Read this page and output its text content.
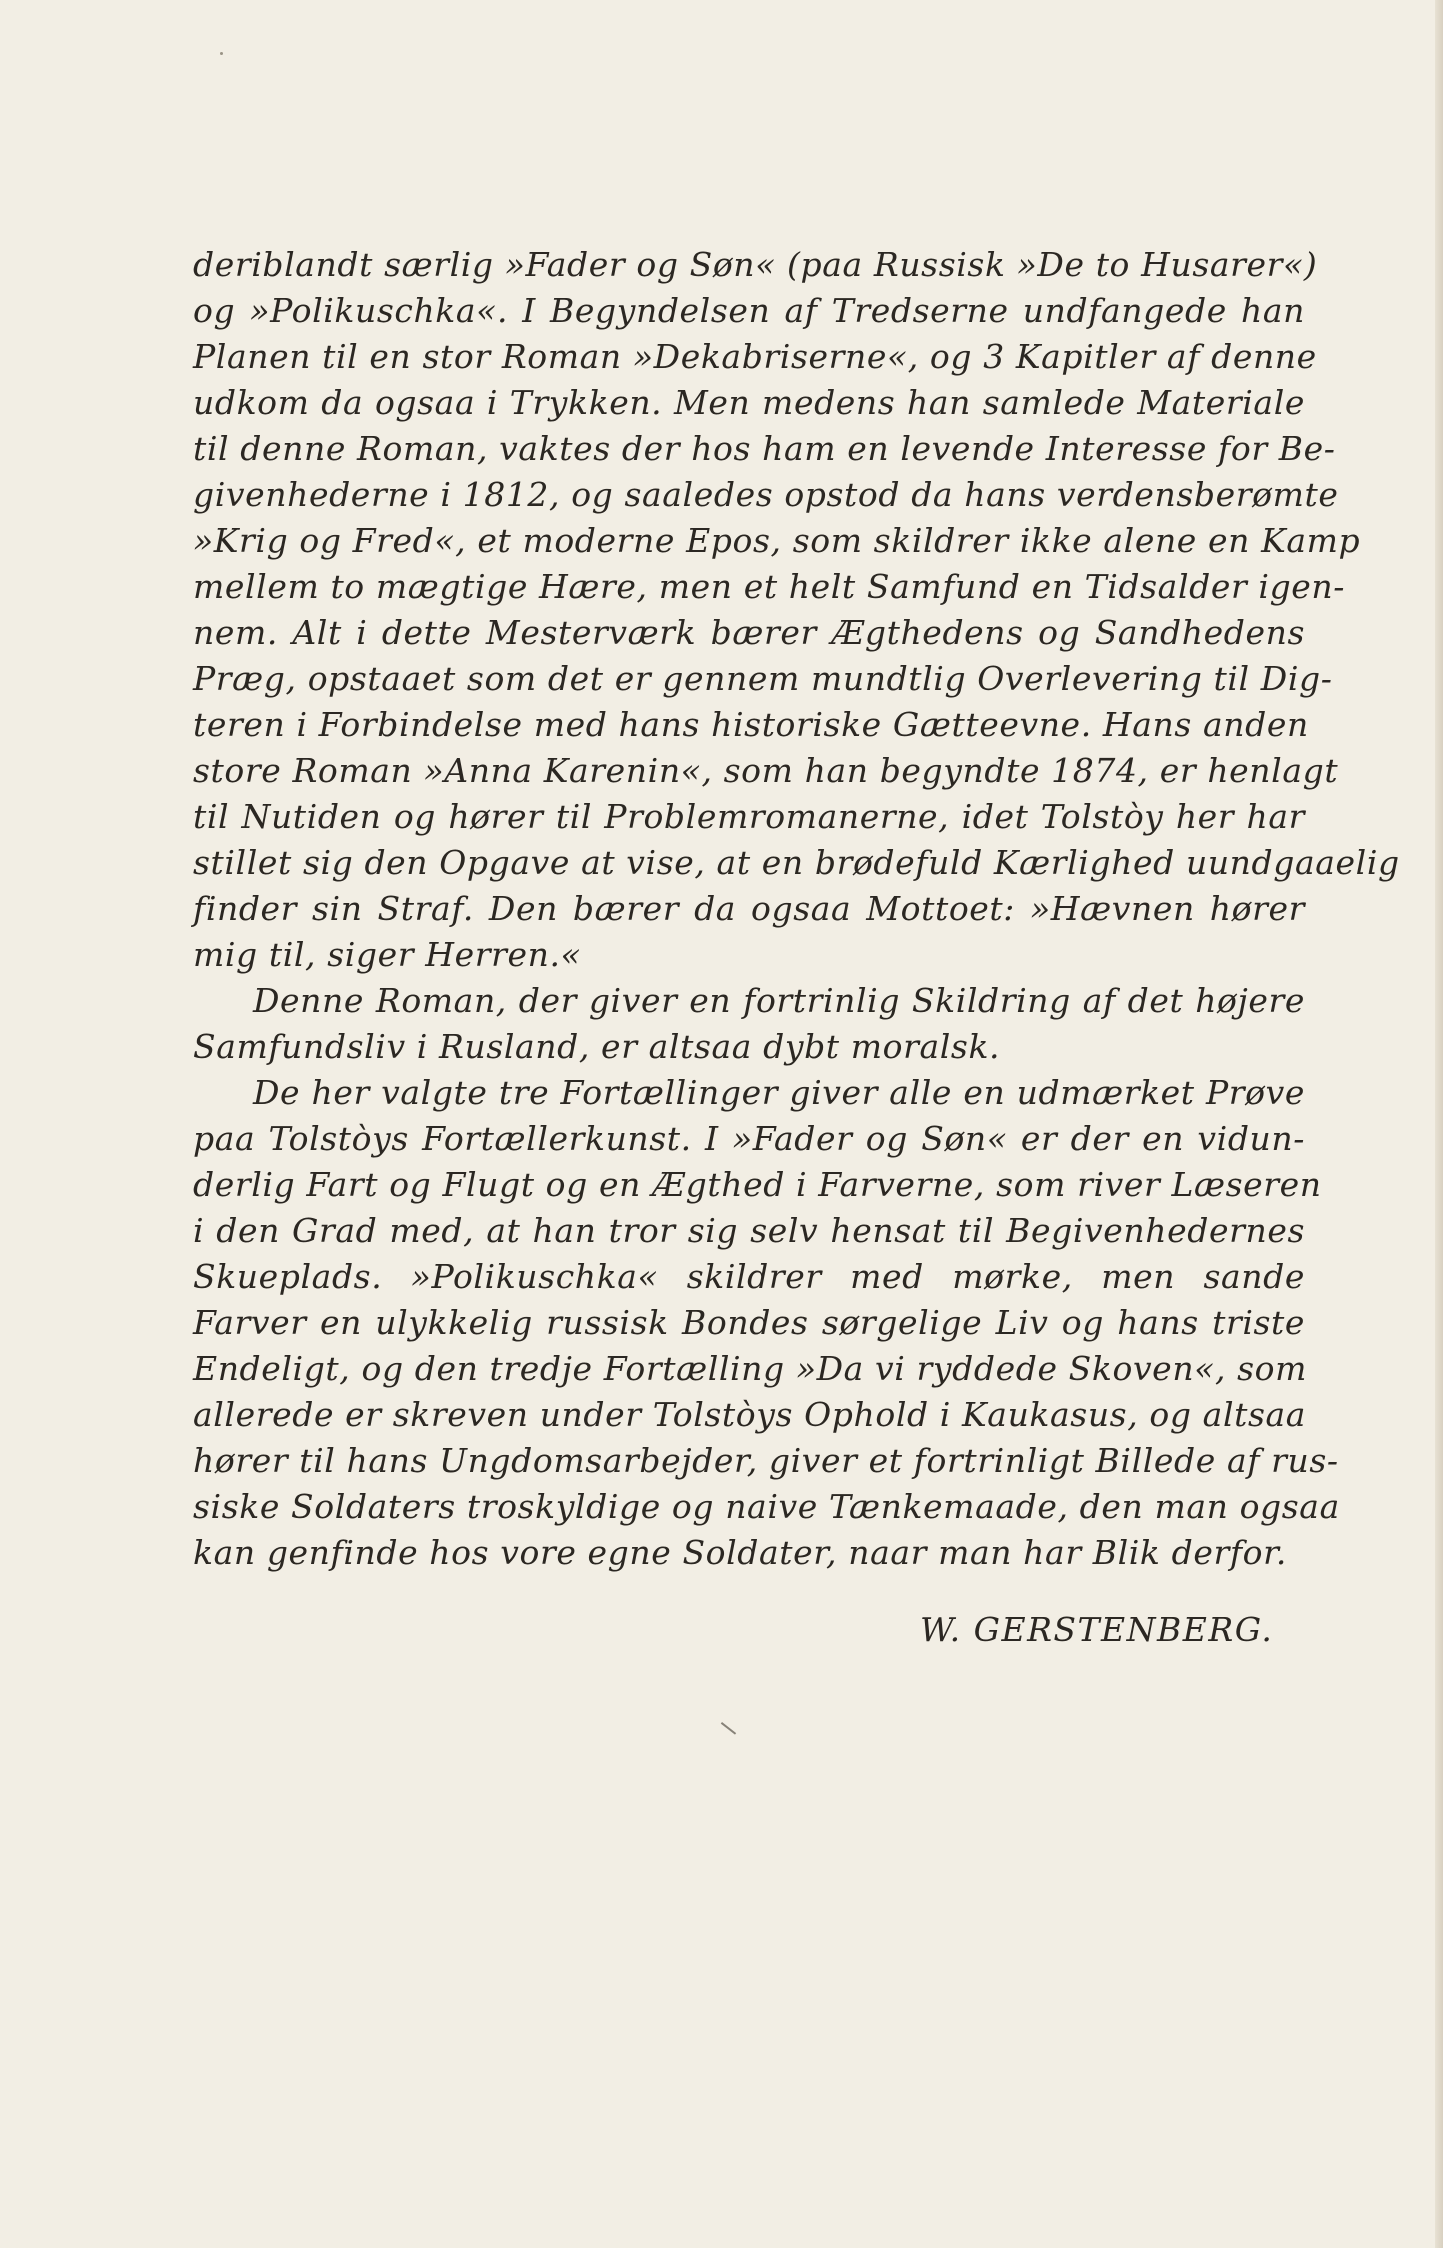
deriblandt særlig »Fader og Søn« (paa Russisk »De to Husarer«)
og »Polikuschka«. I Begyndelsen af Tredserne undfangede han
Planen til en stor Roman »Dekabriserne«, og 3 Kapitler af denne
udkom da ogsaa i Trykken. Men medens han samlede Materiale
til denne Roman, vaktes der hos ham en levende Interesse for Be-
givenhederne i 1812, og saaledes opstod da hans verdensberømte
»Krig og Fred«, et moderne Epos, som skildrer ikke alene en Kamp
mellem to mægtige Hære, men et helt Samfund en Tidsalder igen-
nem. Alt i dette Mesterværk bærer Ægthedens og Sandhedens
Præg, opstaaet som det er gennem mundtlig Overlevering til Dig-
teren i Forbindelse med hans historiske Gætteevne. Hans anden
store Roman »Anna Karenin«, som han begyndte 1874, er henlagt
til Nutiden og hører til Problemromanerne, idet Tolstòy her har
stillet sig den Opgave at vise, at en brødefuld Kærlighed uundgaaelig
finder sin Straf. Den bærer da ogsaa Mottoet: »Hævnen hører
mig til, siger Herren.«
Denne Roman, der giver en fortrinlig Skildring af det højere
Samfundsliv i Rusland, er altsaa dybt moralsk.
De her valgte tre Fortællinger giver alle en udmærket Prøve
paa Tolstòys Fortællerkunst. I »Fader og Søn« er der en vidun-
derlig Fart og Flugt og en Ægthed i Farverne, som river Læseren
i den Grad med, at han tror sig selv hensat til Begivenhedernes
Skueplads. »Polikuschka« skildrer med mørke, men sande
Farver en ulykkelig russisk Bondes sørgelige Liv og hans triste
Endeligt, og den tredje Fortælling »Da vi ryddede Skoven«, som
allerede er skreven under Tolstòys Ophold i Kaukasus, og altsaa
hører til hans Ungdomsarbejder, giver et fortrinligt Billede af rus-
siske Soldaters troskyldige og naive Tænkemaade, den man ogsaa
kan genfinde hos vore egne Soldater, naar man har Blik derfor.
W. GERSTENBERG.
